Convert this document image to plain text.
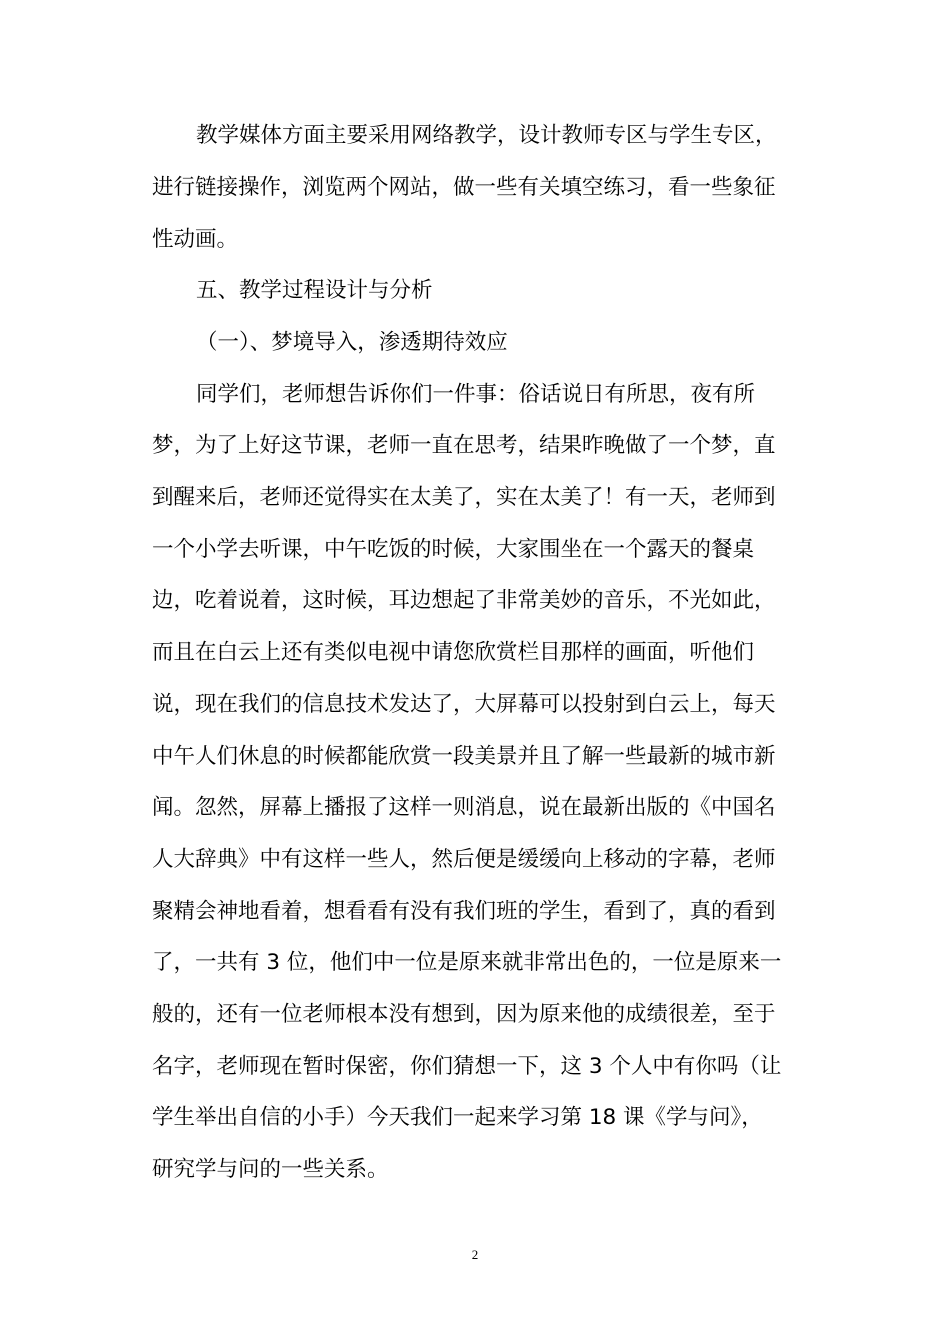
教学媒体方面主要采用网络教学，设计教师专区与学生专区，
进行链接操作，浏览两个网站，做一些有关填空练习，看一些象征
性动画。
五、教学过程设计与分析
（一）、梦境导入，渗透期待效应
同学们，老师想告诉你们一件事：俗话说日有所思，夜有所
梦，为了上好这节课，老师一直在思考，结果昨晚做了一个梦，直
到醒来后，老师还觉得实在太美了，实在太美了！有一天，老师到
一个小学去听课，中午吃饭的时候，大家围坐在一个露天的餐桌
边，吃着说着，这时候，耳边想起了非常美妙的音乐，不光如此，
而且在白云上还有类似电视中请您欣赏栏目那样的画面，听他们
说，现在我们的信息技术发达了，大屏幕可以投射到白云上，每天
中午人们休息的时候都能欣赏一段美景并且了解一些最新的城市新
闻。忽然，屏幕上播报了这样一则消息，说在最新出版的《中国名
人大辞典》中有这样一些人，然后便是缓缓向上移动的字幕，老师
聚精会神地看着，想看看有没有我们班的学生，看到了，真的看到
了，一共有 3 位，他们中一位是原来就非常出色的，一位是原来一
般的，还有一位老师根本没有想到，因为原来他的成绩很差，至于
名字，老师现在暂时保密，你们猜想一下，这 3 个人中有你吗（让
学生举出自信的小手）今天我们一起来学习第 18 课《学与问》，
研究学与问的一些关系。
2
